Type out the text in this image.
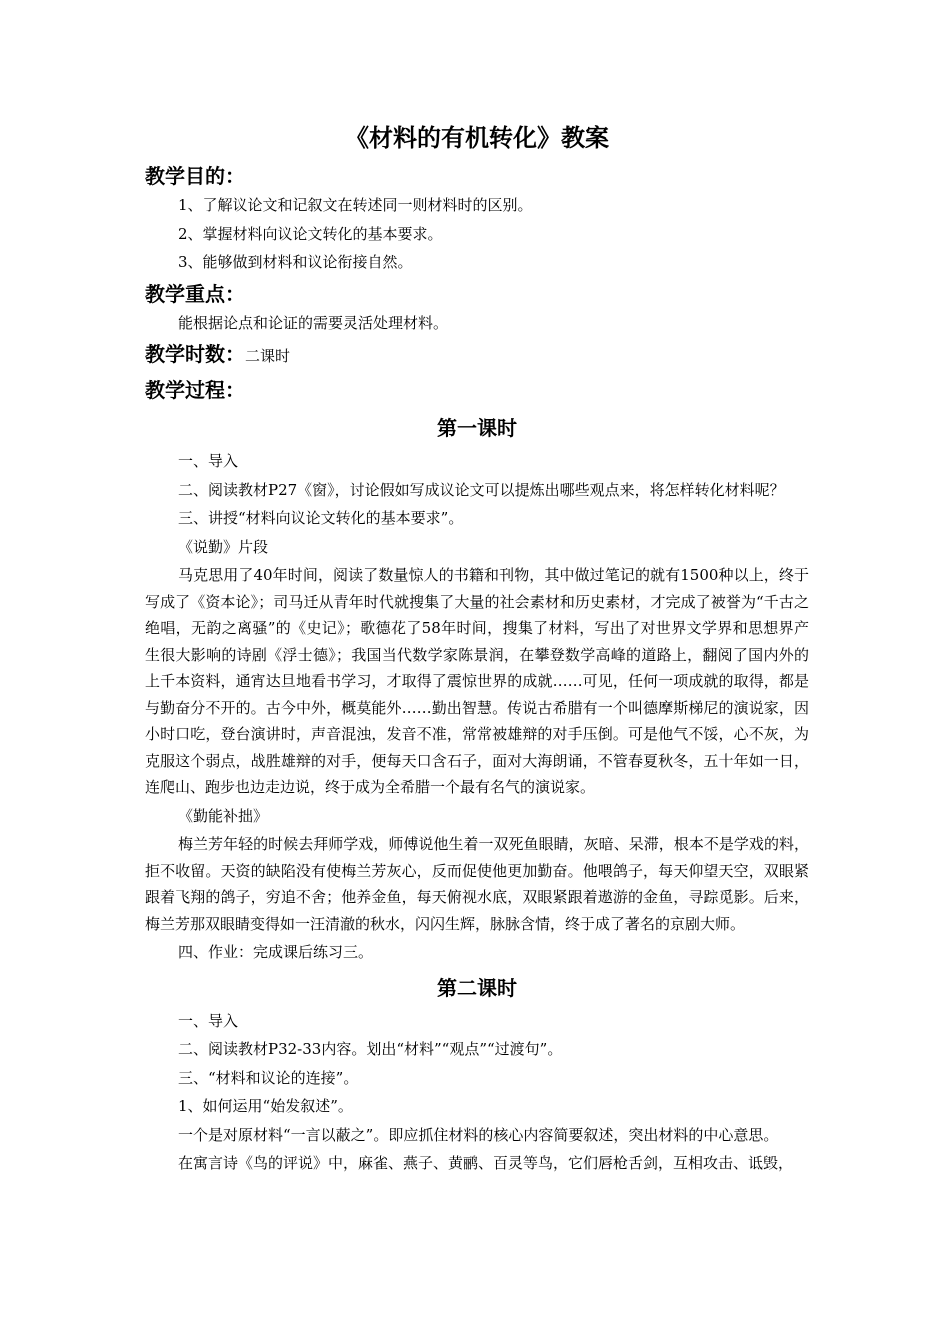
《材料的有机转化》教案
教学目的：

1、了解议论文和记叙文在转述同一则材料时的区别。

2、掌握材料向议论文转化的基本要求。

3、能够做到材料和议论衔接自然。

教学重点：

能根据论点和论证的需要灵活处理材料。

教学时数：二课时
教学过程：
第一课时

一、导入

二、阅读教材P27《窗》，讨论假如写成议论文可以提炼出哪些观点来，将怎样转化材料呢？

三、讲授“材料向议论文转化的基本要求”。

《说勤》片段

马克思用了40年时间，阅读了数量惊人的书籍和刊物，其中做过笔记的就有1500种以上，终于写成了《资本论》；司马迁从青年时代就搜集了大量的社会素材和历史素材，才完成了被誉为“千古之绝唱，无韵之离骚”的《史记》；歌德花了58年时间，搜集了材料，写出了对世界文学界和思想界产生很大影响的诗剧《浮士德》；我国当代数学家陈景润，在攀登数学高峰的道路上，翻阅了国内外的上千本资料，通宵达旦地看书学习，才取得了震惊世界的成就……可见，任何一项成就的取得，都是与勤奋分不开的。古今中外，概莫能外……勤出智慧。传说古希腊有一个叫德摩斯梯尼的演说家，因小时口吃，登台演讲时，声音混浊，发音不准，常常被雄辩的对手压倒。可是他气不馁，心不灰，为克服这个弱点，战胜雄辩的对手，便每天口含石子，面对大海朗诵，不管春夏秋冬，五十年如一日，连爬山、跑步也边走边说，终于成为全希腊一个最有名气的演说家。

《勤能补拙》

梅兰芳年轻的时候去拜师学戏，师傅说他生着一双死鱼眼睛，灰暗、呆滞，根本不是学戏的料，拒不收留。天资的缺陷没有使梅兰芳灰心，反而促使他更加勤奋。他喂鸽子，每天仰望天空，双眼紧跟着飞翔的鸽子，穷追不舍；他养金鱼，每天俯视水底，双眼紧跟着遨游的金鱼，寻踪觅影。后来，梅兰芳那双眼睛变得如一汪清澈的秋水，闪闪生辉，脉脉含情，终于成了著名的京剧大师。

四、作业：完成课后练习三。

第二课时

一、导入

二、阅读教材P32-33内容。划出“材料”“观点”“过渡句”。

三、“材料和议论的连接”。

1、如何运用“始发叙述”。

一个是对原材料“一言以蔽之”。即应抓住材料的核心内容简要叙述，突出材料的中心意思。

在寓言诗《鸟的评说》中，麻雀、燕子、黄鹂、百灵等鸟，它们唇枪舌剑，互相攻击、诋毁，
